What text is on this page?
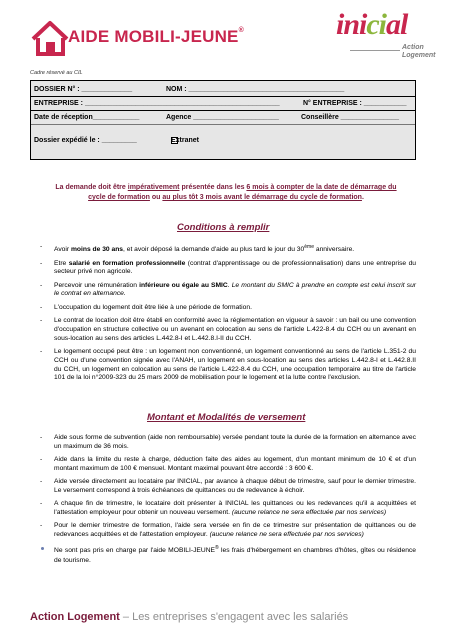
AIDE MOBILI-JEUNE®	inicial
Action
Logement
Cadre réservé au CIL
DOSSIER N° : _____________	NOM : ________________________________________
ENTREPRISE : __________________________________________________	N° ENTREPRISE : ___________
Date de réception____________	Agence ______________________	Conseillère _______________
Dossier expédié le : _________	Extranet
La demande doit être impérativement présentée dans les 6 mois à compter de la date de démarrage du
cycle de formation ou au plus tôt 3 mois avant le démarrage du cycle de formation.
Conditions à remplir
- Avoir moins de 30 ans, et avoir déposé la demande d'aide au plus tard le jour du 30ème anniversaire.
- Etre salarié en formation professionnelle (contrat d'apprentissage ou de professionnalisation) dans une entreprise du secteur privé non agricole.
- Percevoir une rémunération inférieure ou égale au SMIC. Le montant du SMIC à prendre en compte est celui inscrit sur le contrat en alternance.
- L'occupation du logement doit être liée à une période de formation.
- Le contrat de location doit être établi en conformité avec la réglementation en vigueur à savoir : un bail ou une convention d'occupation en structure collective ou un avenant en colocation au sens de l'article L.422-8.4 du CCH ou un avenant en sous-location au sens des articles L.442.8-I et L.442.8.I-II du CCH.
- Le logement occupé peut être : un logement non conventionné, un logement conventionné au sens de l'article L.351-2 du CCH ou d'une convention signée avec l'ANAH, un logement en sous-location au sens des articles L.442.8-I et L.442.8.II du CCH, un logement en colocation au sens de l'article L.422-8.4 du CCH, une occupation temporaire au titre de l'article 101 de la loi n°2009-323 du 25 mars 2009 de mobilisation pour le logement et la lutte contre l'exclusion.
Montant et Modalités de versement
- Aide sous forme de subvention (aide non remboursable) versée pendant toute la durée de la formation en alternance avec un maximum de 36 mois.
- Aide dans la limite du reste à charge, déduction faite des aides au logement, d'un montant minimum de 10 € et d'un montant maximum de 100 € mensuel. Montant maximal pouvant être accordé : 3 600 €.
- Aide versée directement au locataire par INICIAL, par avance à chaque début de trimestre, sauf pour le dernier trimestre. Le versement correspond à trois échéances de quittances ou de redevance à échoir.
- A chaque fin de trimestre, le locataire doit présenter à INICIAL les quittances ou les redevances qu'il a acquittées et l'attestation employeur pour obtenir un nouveau versement. (aucune relance ne sera effectuée par nos services)
- Pour le dernier trimestre de formation, l'aide sera versée en fin de ce trimestre sur présentation de quittances ou de redevances acquittées et de l'attestation employeur. (aucune relance ne sera effectuée par nos services)
Ne sont pas pris en charge par l'aide MOBILI-JEUNE® les frais d'hébergement en chambres d'hôtes, gîtes ou résidence de tourisme.
Action Logement – Les entreprises s'engagent avec les salariés
